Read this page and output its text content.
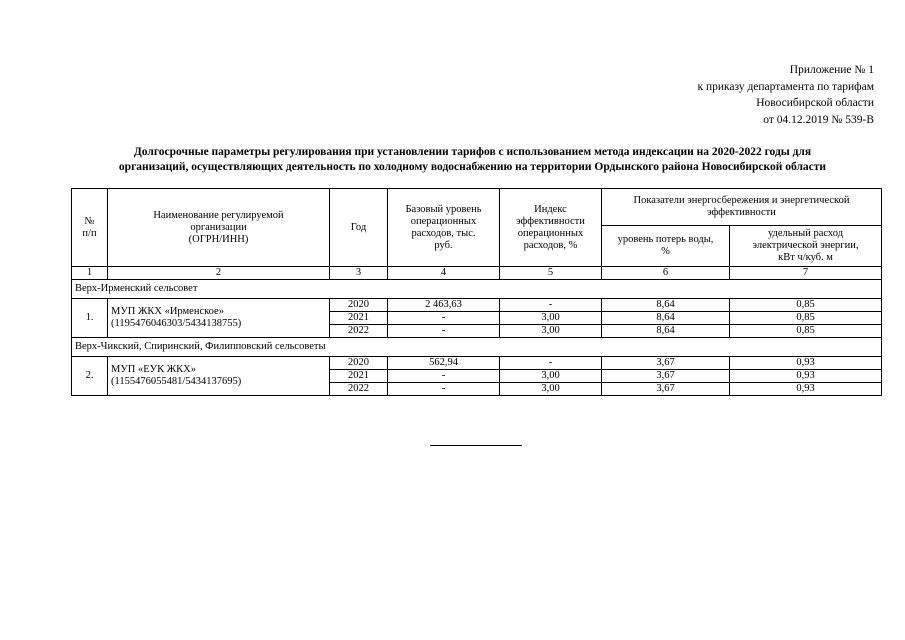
Приложение № 1
к приказу департамента по тарифам
Новосибирской области
от 04.12.2019 № 539-В
Долгосрочные параметры регулирования при установлении тарифов с использованием метода индексации на 2020-2022 годы для
организаций, осуществляющих деятельность по холодному водоснабжению на территории Ордынского района Новосибирской области
№
п/п	Наименование регулируемой
организации
(ОГРН/ИНН)	Год	Базовый уровень
операционных
расходов, тыс.
руб.	Индекс
эффективности
операционных
расходов, %	Показатели энергосбережения и энергетической
эффективности	
					уровень потерь воды,
%	удельный расход
электрической энергии,
кВт ч/куб. м
1	2	3	4	5	6	7
Верх-Ирменский сельсовет						
1.	МУП ЖКХ «Ирменское»
(1195476046303/5434138755)	2020	2 463,63	-	8,64	0,85
		2021	-	3,00	8,64	0,85
		2022	-	3,00	8,64	0,85
Верх-Чикский, Спиринский, Филипповский сельсоветы						
2.	МУП «ЕУК ЖКХ»
(1155476055481/5434137695)	2020	562,94	-	3,67	0,93
		2021	-	3,00	3,67	0,93
		2022	-	3,00	3,67	0,93
